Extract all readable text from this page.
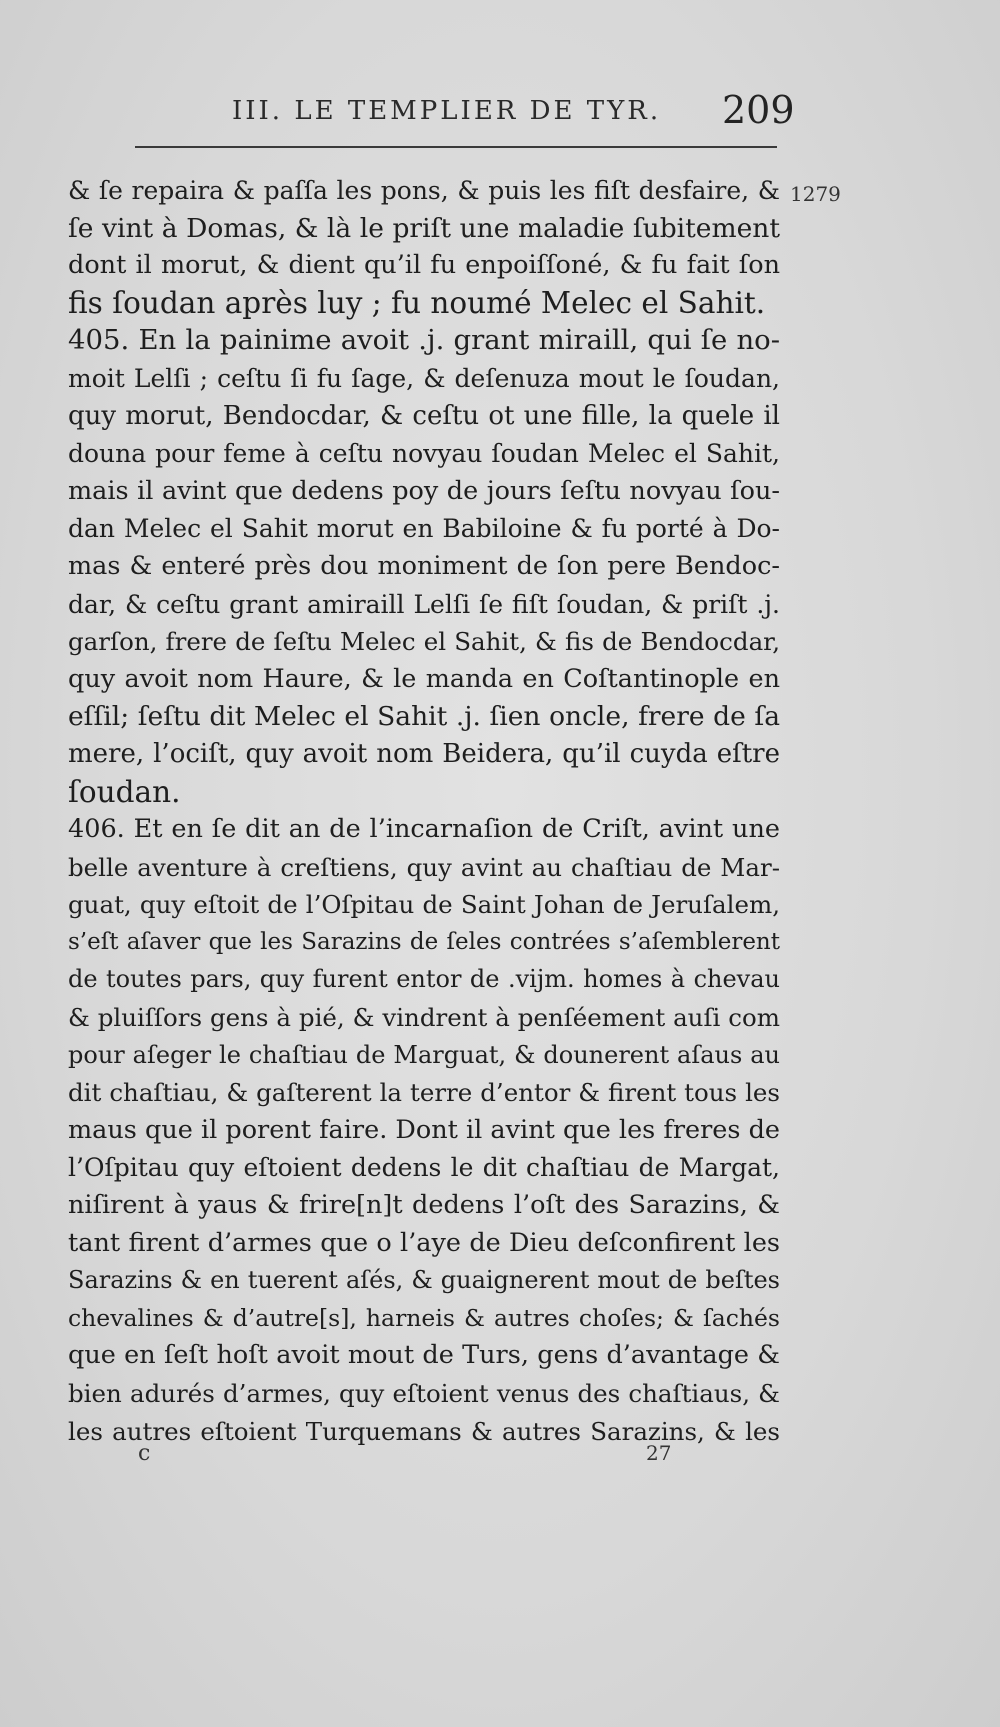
III. LE TEMPLIER DE TYR. 209
1279
& ſe repaira & paſſa les pons, & puis les fiſt desfaire, &
ſe vint à Domas, & là le priſt une maladie ſubitement
dont il morut, & dient qu’il fu enpoiſſoné, & fu fait ſon
fis ſoudan après luy ; fu noumé Melec el Sahit.
405. En la painime avoit .j. grant miraill, qui ſe no-
moit Lelſi ; ceſtu ſi fu ſage, & deſenuza mout le ſoudan,
quy morut, Bendocdar, & ceſtu ot une fille, la quele il
douna pour feme à ceſtu novyau ſoudan Melec el Sahit,
mais il avint que dedens poy de jours ſeſtu novyau ſou-
dan Melec el Sahit morut en Babiloine & fu porté à Do-
mas & enteré près dou moniment de ſon pere Bendoc-
dar, & ceſtu grant amiraill Lelſi ſe fiſt ſoudan, & priſt .j.
garſon, frere de ſeſtu Melec el Sahit, & fis de Bendocdar,
quy avoit nom Haure, & le manda en Coſtantinople en
eſſil; ſeſtu dit Melec el Sahit .j. ſien oncle, frere de ſa
mere, l’ociſt, quy avoit nom Beidera, qu’il cuyda eſtre
ſoudan.
406. Et en ſe dit an de l’incarnaſion de Criſt, avint une
belle aventure à creſtiens, quy avint au chaſtiau de Mar-
guat, quy eſtoit de l’Oſpitau de Saint Johan de Jeruſalem,
s’eſt aſaver que les Sarazins de ſeles contrées s’aſemblerent
de toutes pars, quy furent entor de .vijm. homes à chevau
& pluiſſors gens à pié, & vindrent à penſéement auſi com
pour aſeger le chaſtiau de Marguat, & dounerent aſaus au
dit chaſtiau, & gaſterent la terre d’entor & firent tous les
maus que il porent faire. Dont il avint que les freres de
l’Oſpitau quy eſtoient dedens le dit chaſtiau de Margat,
niſirent à yaus & frire[n]t dedens l’oſt des Sarazins, &
tant firent d’armes que o l’aye de Dieu deſconfirent les
Sarazins & en tuerent aſés, & guaignerent mout de beſtes
chevalines & d’autre[s], harneis & autres choſes; & ſachés
que en ſeſt hoſt avoit mout de Turs, gens d’avantage &
bien adurés d’armes, quy eſtoient venus des chaſtiaus, &
les autres eſtoient Turquemans & autres Sarazins, & les
c	27
